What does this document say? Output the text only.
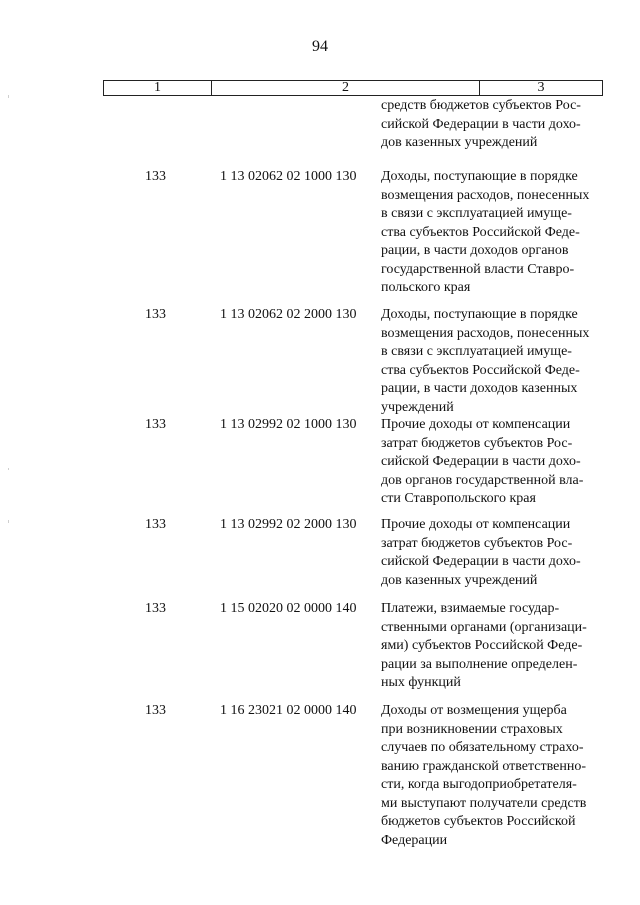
94
1	2	3
средств бюджетов субъектов Рос-
сийской Федерации в части дохо-
дов казенных учреждений
133	1 13 02062 02 1000 130	Доходы, поступающие в порядке
возмещения расходов, понесенных
в связи с эксплуатацией имуще-
ства субъектов Российской Феде-
рации, в части доходов органов
государственной власти Ставро-
польского края
133	1 13 02062 02 2000 130	Доходы, поступающие в порядке
возмещения расходов, понесенных
в связи с эксплуатацией имуще-
ства субъектов Российской Феде-
рации, в части доходов казенных
учреждений
133	1 13 02992 02 1000 130	Прочие доходы от компенсации
затрат бюджетов субъектов Рос-
сийской Федерации в части дохо-
дов органов государственной вла-
сти Ставропольского края
133	1 13 02992 02 2000 130	Прочие доходы от компенсации
затрат бюджетов субъектов Рос-
сийской Федерации в части дохо-
дов казенных учреждений
133	1 15 02020 02 0000 140	Платежи, взимаемые государ-
ственными органами (организаци-
ями) субъектов Российской Феде-
рации за выполнение определен-
ных функций
133	1 16 23021 02 0000 140	Доходы от возмещения ущерба
при возникновении страховых
случаев по обязательному страхо-
ванию гражданской ответственно-
сти, когда выгодоприобретателя-
ми выступают получатели средств
бюджетов субъектов Российской
Федерации
